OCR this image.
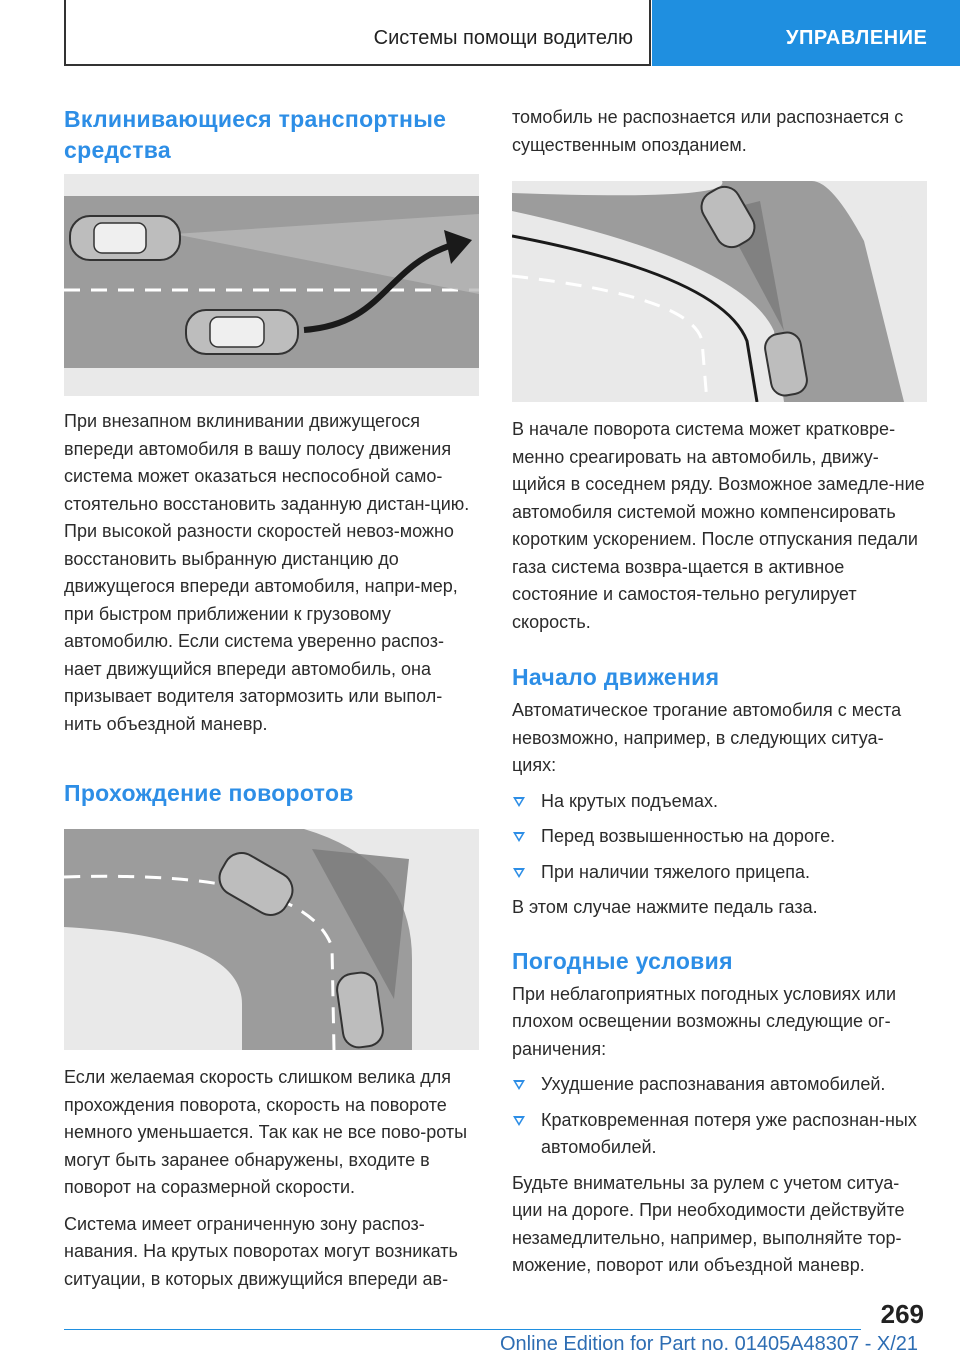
Системы помощи водителю	УПРАВЛЕНИЕ
Вклинивающиеся транспортные средства

При внезапном вклинивании движущегося впереди автомобиля в вашу полосу движения система может оказаться неспособной само-стоятельно восстановить заданную дистан-цию. При высокой разности скоростей невоз-можно восстановить выбранную дистанцию до движущегося впереди автомобиля, напри-мер, при быстром приближении к грузовому автомобилю. Если система уверенно распоз-нает движущийся впереди автомобиль, она призывает водителя затормозить или выпол-нить объездной маневр.

Прохождение поворотов

Если желаемая скорость слишком велика для прохождения поворота, скорость на повороте немного уменьшается. Так как не все пово-роты могут быть заранее обнаружены, входите в поворот на соразмерной скорости.

Система имеет ограниченную зону распоз-навания. На крутых поворотах могут возникать ситуации, в которых движущийся впереди ав-

томобиль не распознается или распознается с существенным опозданием.

В начале поворота система может кратковре-менно среагировать на автомобиль, движу-щийся в соседнем ряду. Возможное замедле-ние автомобиля системой можно компенсировать коротким ускорением. После отпускания педали газа система возвра-щается в активное состояние и самостоя-тельно регулирует скорость.

Начало движения

Автоматическое трогание автомобиля с места невозможно, например, в следующих ситуа-циях:

На крутых подъемах.
Перед возвышенностью на дороге.
При наличии тяжелого прицепа.

В этом случае нажмите педаль газа.

Погодные условия

При неблагоприятных погодных условиях или плохом освещении возможны следующие ог-раничения:

Ухудшение распознавания автомобилей.
Кратковременная потеря уже распознан-ных автомобилей.

Будьте внимательны за рулем с учетом ситуа-ции на дороге. При необходимости действуйте незамедлительно, например, выполняйте тор-можение, поворот или объездной маневр.

269
Online Edition for Part no. 01405A48307 - X/21
